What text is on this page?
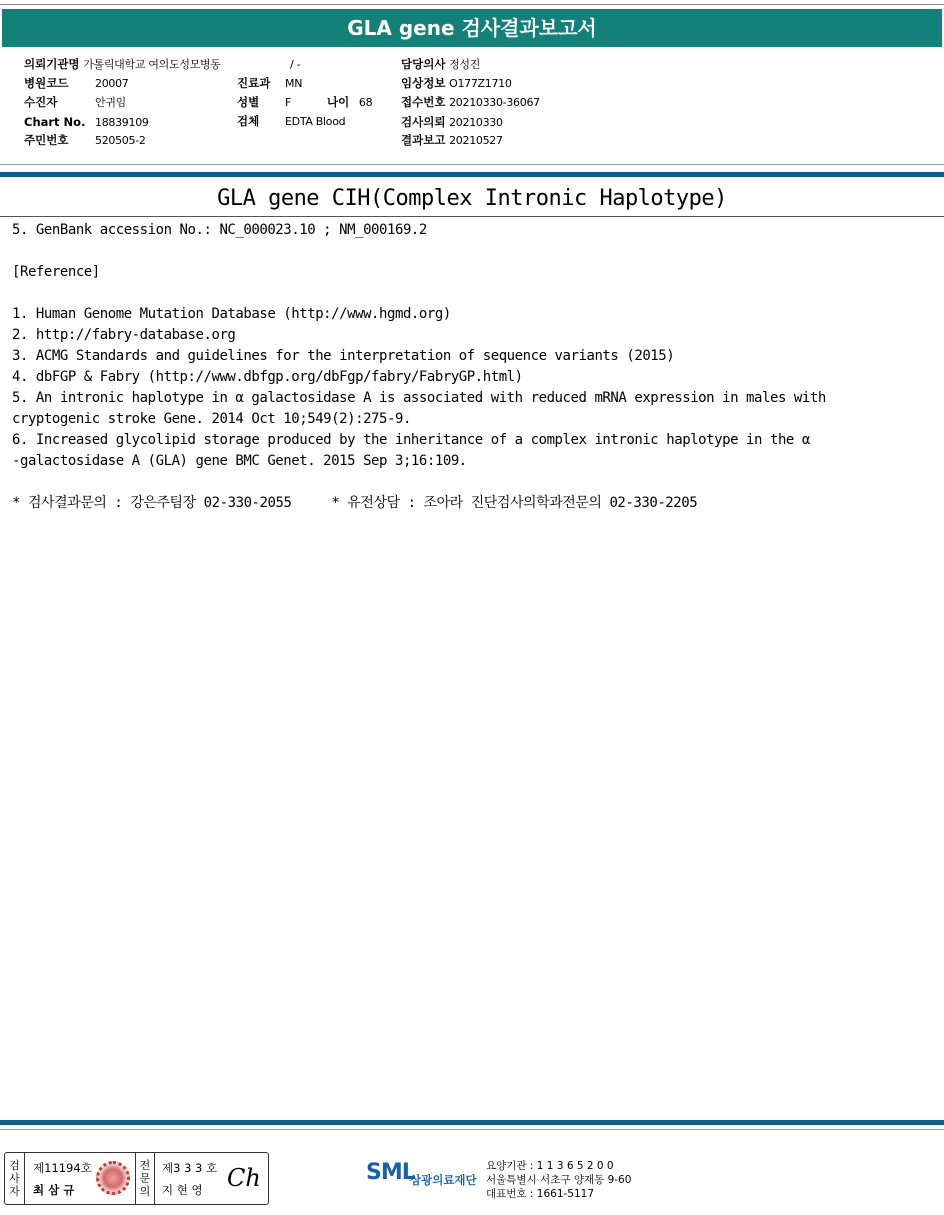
GLA gene 검사결과보고서
의뢰기관명 가톨릭대학교 여의도성모병동	/ -
병원코드 20007
수진자	안귀임
Chart No. 18839109
주민번호 520505-2
진료과 MN
성별 F	나이 68
검체 EDTA Blood
담당의사 정성진
임상정보 O177Z1710
접수번호 20210330-36067
검사의뢰 20210330
결과보고 20210527
GLA gene CIH(Complex Intronic Haplotype)
5. GenBank accession No.: NC_000023.10 ; NM_000169.2
[Reference]
1. Human Genome Mutation Database (http://www.hgmd.org)
2. http://fabry-database.org
3. ACMG Standards and guidelines for the interpretation of sequence variants (2015)
4. dbFGP & Fabry (http://www.dbfgp.org/dbFgp/fabry/FabryGP.html)
5. An intronic haplotype in α galactosidase A is associated with reduced mRNA expression in males with
cryptogenic stroke Gene. 2014 Oct 10;549(2):275-9.
6. Increased glycolipid storage produced by the inheritance of a complex intronic haplotype in the α
-galactosidase A (GLA) gene BMC Genet. 2015 Sep 3;16:109.
* 검사결과문의 : 강은주팀장 02-330-2055     * 유전상담 : 조아라 진단검사의학과전문의 02-330-2205
검사자
제11194호
최 삼 규
전문의
제3 3 3 호
지 현 영 Ch	SML
삼광의료재단
요양기관 : 1 1 3 6 5 2 0 0
서울특별시 서초구 양재동 9-60
대표번호 : 1661-5117
